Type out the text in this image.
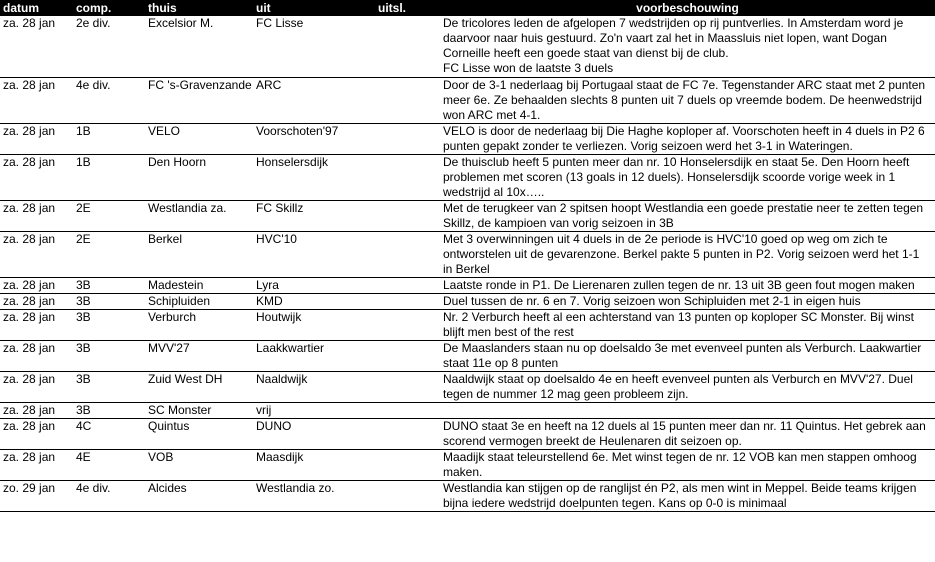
datum	comp.	thuis	uit	uitsl.	voorbeschouwing
za. 28 jan	2e div.	Excelsior M.	FC Lisse		De tricolores leden de afgelopen 7 wedstrijden op rij puntverlies. In Amsterdam word je daarvoor naar huis gestuurd. Zo'n vaart zal het in Maassluis niet lopen, want Dogan Corneille heeft een goede staat van dienst bij de club.
FC Lisse won de laatste 3 duels
za. 28 jan	4e div.	FC 's-Gravenzande	ARC		Door de 3-1 nederlaag bij Portugaal staat de FC 7e. Tegenstander ARC staat met 2 punten meer 6e. Ze behaalden slechts 8 punten uit 7 duels op vreemde bodem. De heenwedstrijd won ARC met 4-1.
za. 28 jan	1B	VELO	Voorschoten'97		VELO is door de nederlaag bij Die Haghe koploper af. Voorschoten heeft in 4 duels in P2 6 punten gepakt zonder te verliezen. Vorig seizoen werd het 3-1 in Wateringen.
za. 28 jan	1B	Den Hoorn	Honselersdijk		De thuisclub heeft 5 punten meer dan nr. 10 Honselersdijk en staat 5e. Den Hoorn heeft problemen met scoren (13 goals in 12 duels). Honselersdijk scoorde vorige week in 1 wedstrijd al 10x…..
za. 28 jan	2E	Westlandia za.	FC Skillz		Met de terugkeer van 2 spitsen hoopt Westlandia een goede prestatie neer te zetten tegen Skillz, de kampioen van vorig seizoen in 3B
za. 28 jan	2E	Berkel	HVC'10		Met 3 overwinningen uit 4 duels in de 2e periode is HVC'10 goed op weg om zich te ontworstelen uit de gevarenzone. Berkel pakte 5 punten in P2. Vorig seizoen werd het 1-1 in Berkel
za. 28 jan	3B	Madestein	Lyra		Laatste ronde in P1. De Lierenaren zullen tegen de nr. 13 uit 3B geen fout mogen maken
za. 28 jan	3B	Schipluiden	KMD		Duel tussen de nr. 6 en 7. Vorig seizoen won Schipluiden met 2-1 in eigen huis
za. 28 jan	3B	Verburch	Houtwijk		Nr. 2 Verburch heeft al een achterstand van 13 punten op koploper SC Monster. Bij winst blijft men best of the rest
za. 28 jan	3B	MVV'27	Laakkwartier		De Maaslanders staan nu op doelsaldo 3e met evenveel punten als Verburch. Laakwartier staat 11e op 8 punten
za. 28 jan	3B	Zuid West DH	Naaldwijk		Naaldwijk staat op doelsaldo 4e en heeft evenveel punten als Verburch en MVV'27. Duel tegen de nummer 12 mag geen probleem zijn.
za. 28 jan	3B	SC Monster	vrij		
za. 28 jan	4C	Quintus	DUNO		DUNO staat 3e en heeft na 12 duels al 15 punten meer dan nr. 11 Quintus. Het gebrek aan scorend vermogen breekt de Heulenaren dit seizoen op.
za. 28 jan	4E	VOB	Maasdijk		Maadijk staat teleurstellend 6e. Met winst tegen de nr. 12 VOB kan men stappen omhoog maken.
zo. 29 jan	4e div.	Alcides	Westlandia zo.		Westlandia kan stijgen op de ranglijst én P2, als men wint in Meppel. Beide teams krijgen bijna iedere wedstrijd doelpunten tegen. Kans op 0-0 is minimaal
